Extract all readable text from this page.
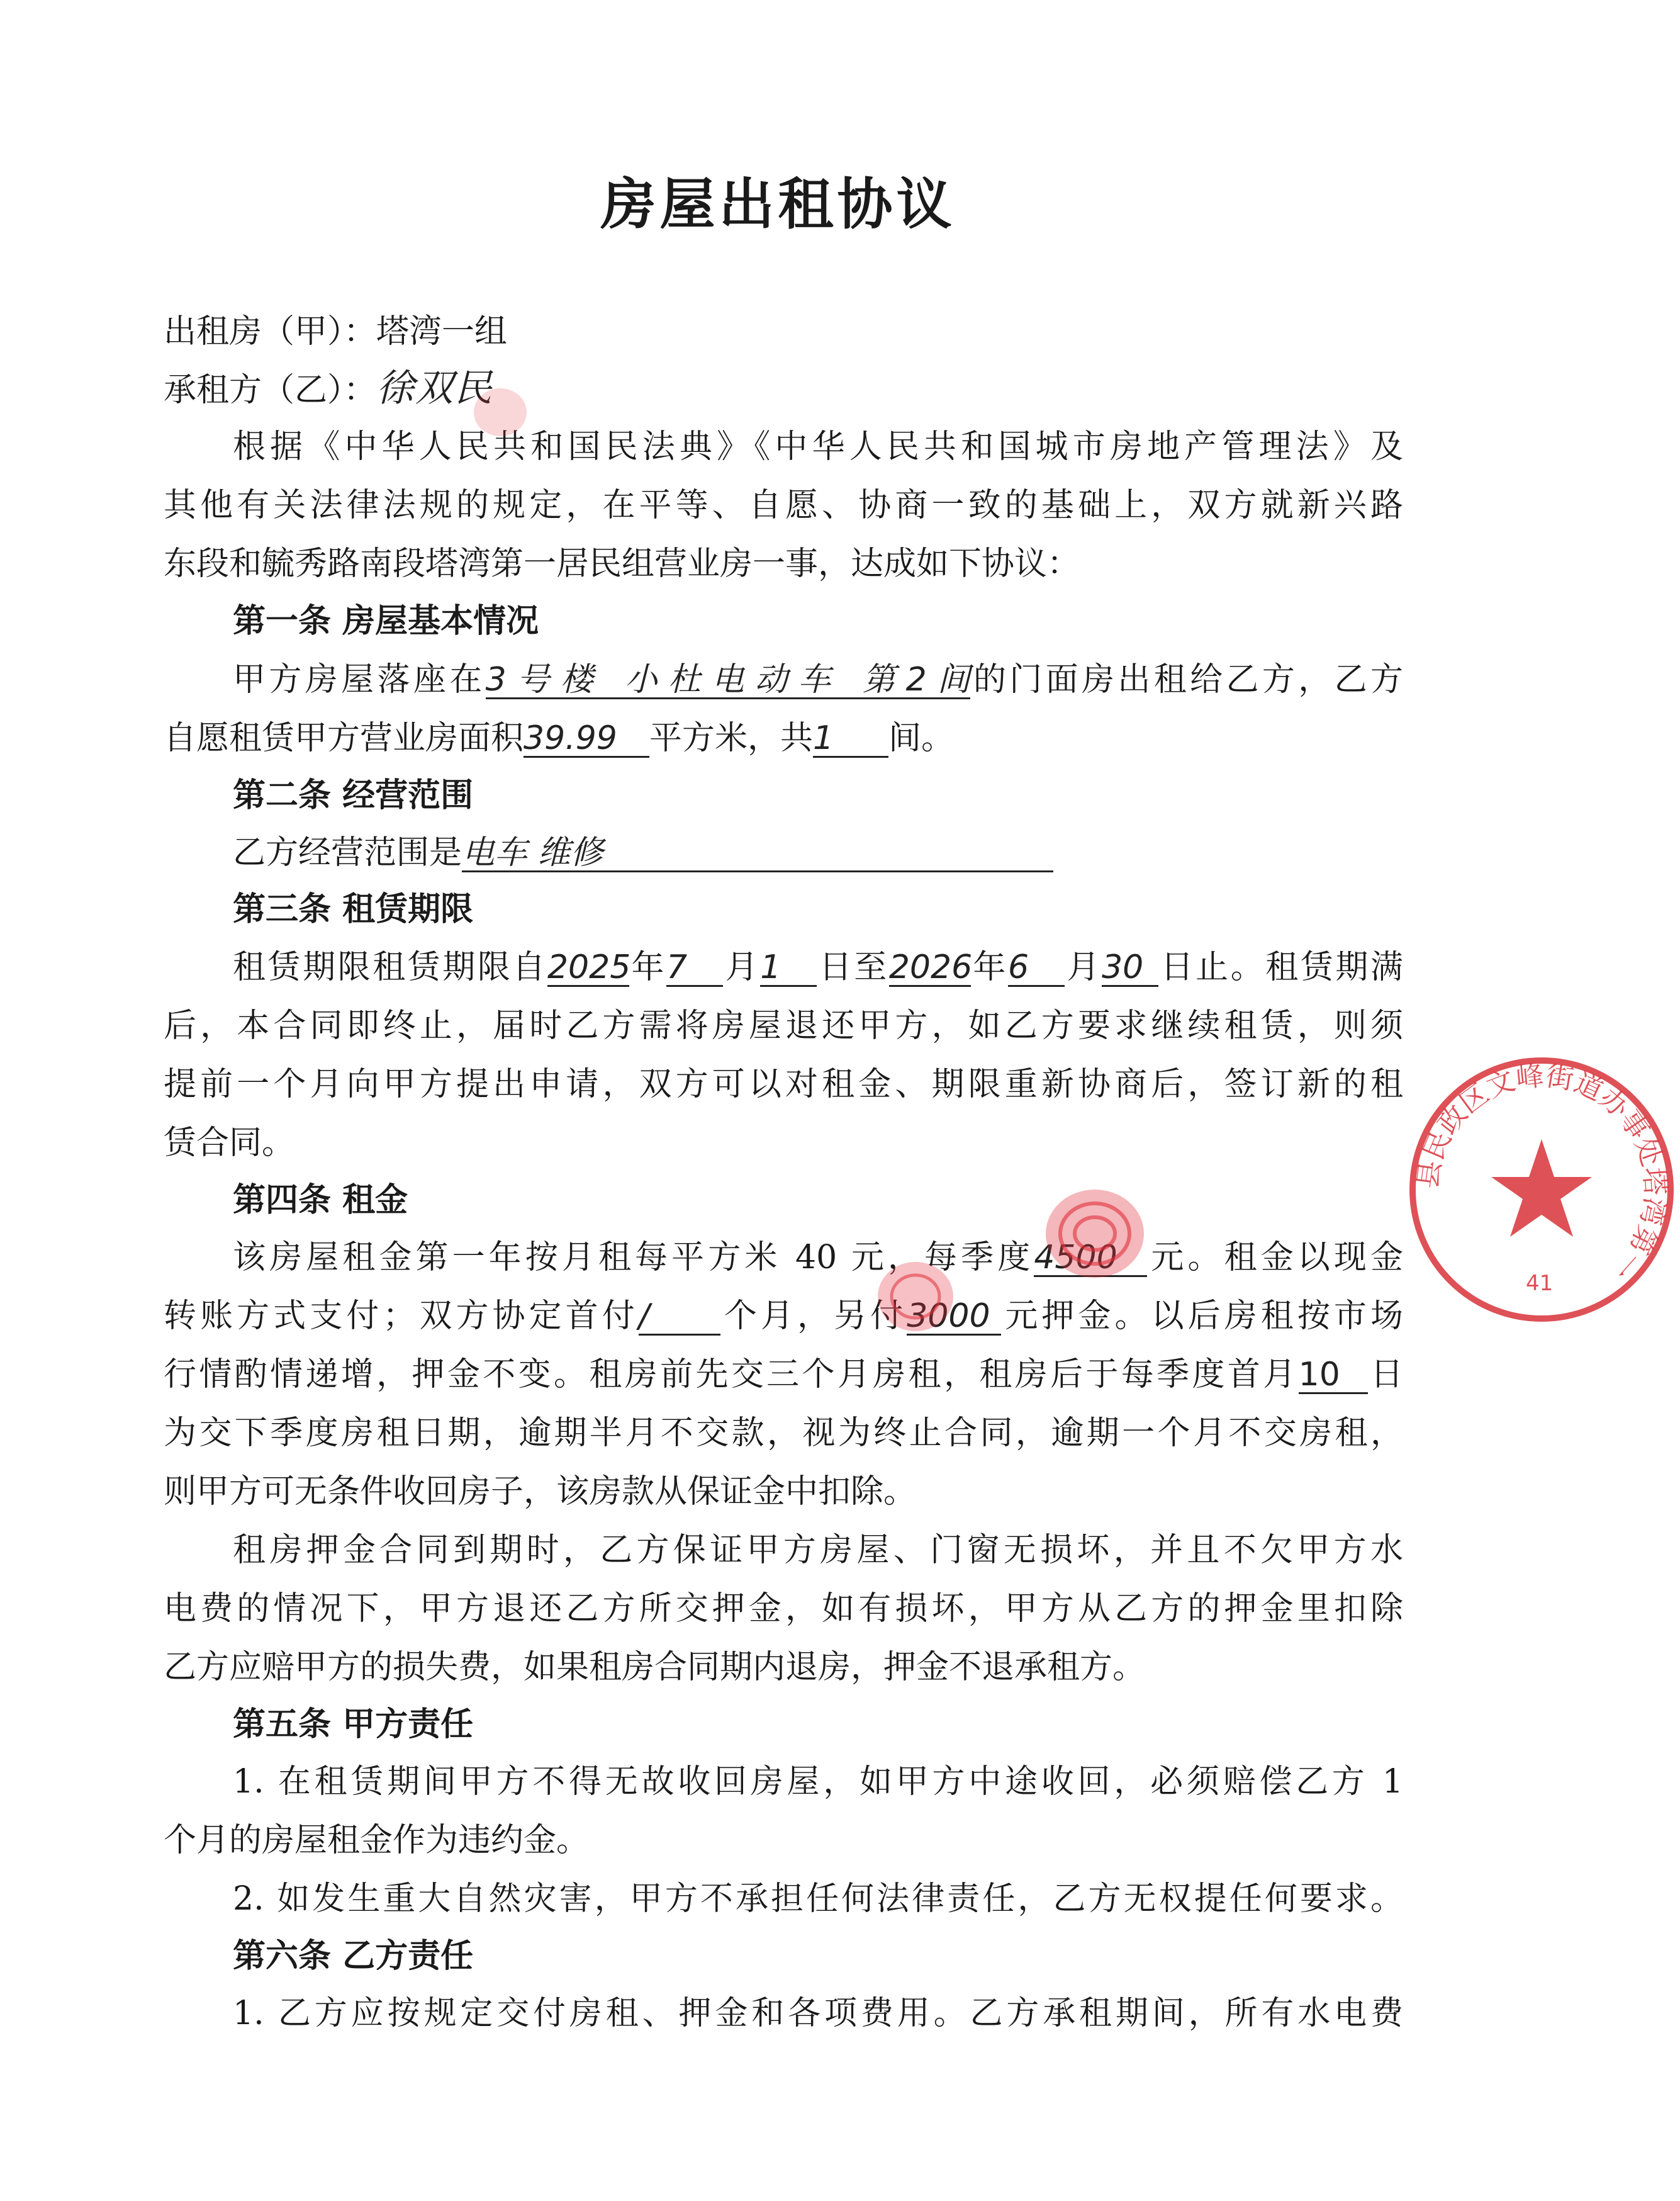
房屋出租协议
出租房（甲）：塔湾一组
承租方（乙）：徐双民
根据《中华人民共和国民法典》《中华人民共和国城市房地产管理法》及
其他有关法律法规的规定，在平等、自愿、协商一致的基础上，双方就新兴路
东段和毓秀路南段塔湾第一居民组营业房一事，达成如下协议：
第一条 房屋基本情况
甲方房屋落座在3号楼 小杜电动车 第2间的门面房出租给乙方，乙方
自愿租赁甲方营业房面积39.99 平方米，共1 间。
第二条 经营范围
乙方经营范围是电车 维修
第三条 租赁期限
租赁期限租赁期限自2025年7 月1 日至2026年6 月30 日止。租赁期满
后，本合同即终止，届时乙方需将房屋退还甲方，如乙方要求继续租赁，则须
提前一个月向甲方提出申请，双方可以对租金、期限重新协商后，签订新的租
赁合同。
第四条 租金
该房屋租金第一年按月租每平方米 40 元，每季度4500 元。租金以现金
转账方式支付；双方协定首付/ 个月，另付3000 元押金。以后房租按市场
行情酌情递增，押金不变。租房前先交三个月房租，租房后于每季度首月10 日
为交下季度房租日期，逾期半月不交款，视为终止合同，逾期一个月不交房租，
则甲方可无条件收回房子，该房款从保证金中扣除。
租房押金合同到期时，乙方保证甲方房屋、门窗无损坏，并且不欠甲方水
电费的情况下，甲方退还乙方所交押金，如有损坏，甲方从乙方的押金里扣除
乙方应赔甲方的损失费，如果租房合同期内退房，押金不退承租方。
第五条 甲方责任
1. 在租赁期间甲方不得无故收回房屋，如甲方中途收回，必须赔偿乙方 1
个月的房屋租金作为违约金。
2. 如发生重大自然灾害，甲方不承担任何法律责任，乙方无权提任何要求。
第六条 乙方责任
1. 乙方应按规定交付房租、押金和各项费用。乙方承租期间，所有水电费
县民政区文峰街道办事处塔湾第一
41
